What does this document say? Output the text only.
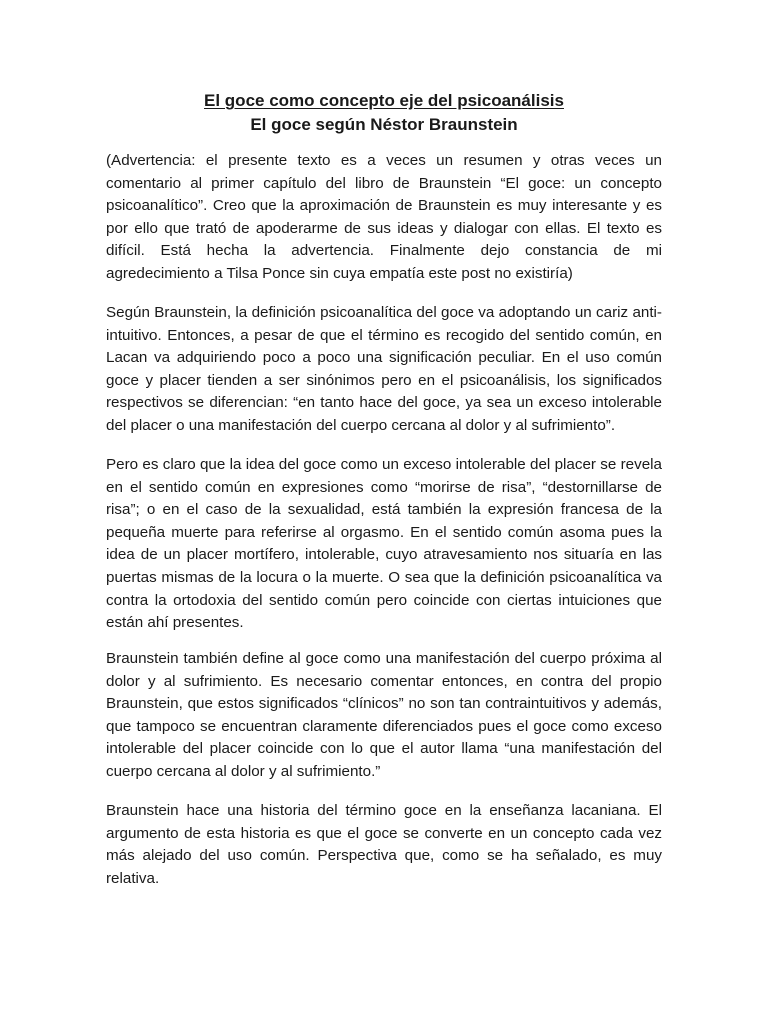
El goce como concepto eje del psicoanálisis
El goce según Néstor Braunstein

(Advertencia: el presente texto es a veces un resumen y otras veces un comentario al primer capítulo del libro de Braunstein “El goce: un concepto psicoanalítico”. Creo que la aproximación de Braunstein es muy interesante y es por ello que trató de apoderarme de sus ideas y dialogar con ellas. El texto es difícil. Está hecha la advertencia. Finalmente dejo constancia de mi agredecimiento a Tilsa Ponce sin cuya empatía este post no existiría)

Según Braunstein, la definición psicoanalítica del goce va adoptando un cariz anti-intuitivo. Entonces, a pesar de que el término es recogido del sentido común, en Lacan va adquiriendo poco a poco una significación peculiar. En el uso común goce y placer tienden a ser sinónimos pero en el psicoanálisis, los significados respectivos se diferencian: “en tanto hace del goce, ya sea un exceso intolerable del placer o una manifestación del cuerpo cercana al dolor y al sufrimiento”.

Pero es claro que la idea del goce como un exceso intolerable del placer se revela en el sentido común en expresiones como “morirse de risa”, “destornillarse de risa”; o en el caso de la sexualidad, está también la expresión francesa de la pequeña muerte para referirse al orgasmo. En el sentido común asoma pues la idea de un placer mortífero, intolerable, cuyo atravesamiento nos situaría en las puertas mismas de la locura o la muerte. O sea que la definición psicoanalítica va contra la ortodoxia del sentido común pero coincide con ciertas intuiciones que están ahí presentes.

Braunstein también define al goce como una manifestación del cuerpo próxima al dolor y al sufrimiento. Es necesario comentar entonces, en contra del propio Braunstein, que estos significados “clínicos” no son tan contraintuitivos y además, que tampoco se encuentran claramente diferenciados pues el goce como exceso intolerable del placer coincide con lo que el autor llama “una manifestación del cuerpo cercana al dolor y al sufrimiento.”

Braunstein hace una historia del término goce en la enseñanza lacaniana. El argumento de esta historia es que el goce se converte en un concepto cada vez más alejado del uso común. Perspectiva que, como se ha señalado, es muy relativa.
